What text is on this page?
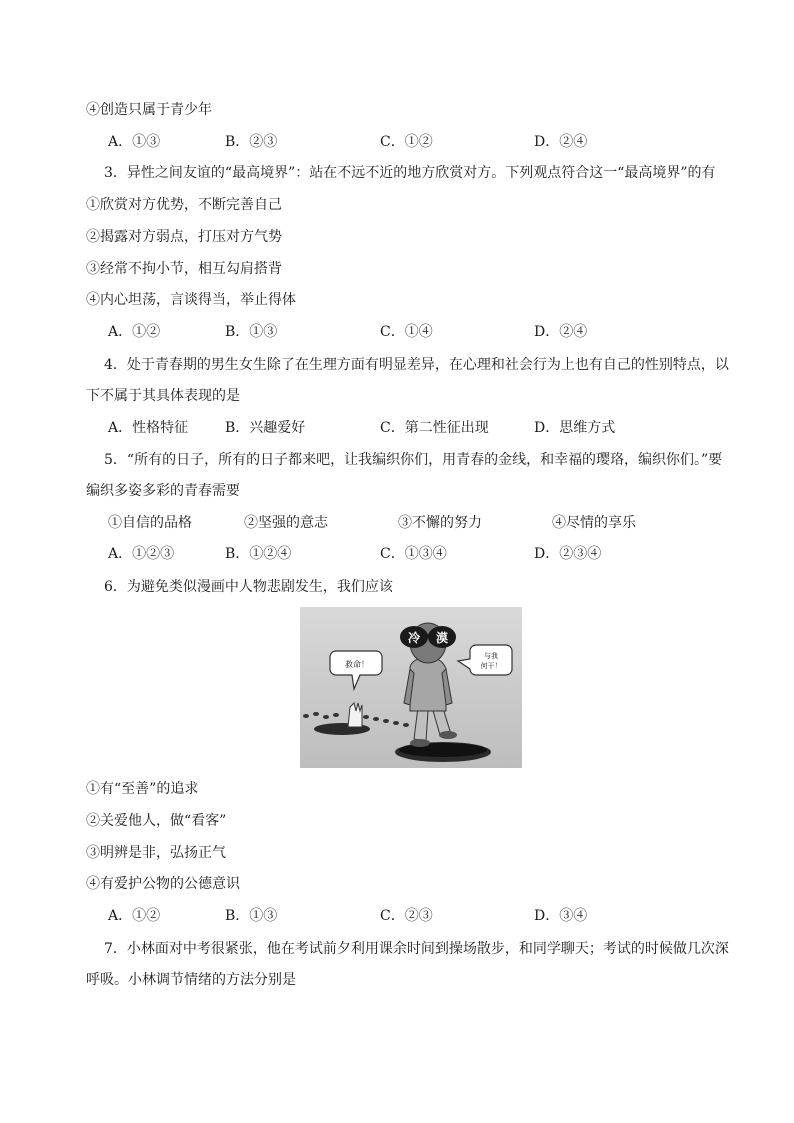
④创造只属于青少年
A．①③	B．②③	C．①②	D．②④
3．异性之间友谊的“最高境界”：站在不远不近的地方欣赏对方。下列观点符合这一“最高境界”的有
①欣赏对方优势，不断完善自己
②揭露对方弱点，打压对方气势
③经常不拘小节，相互勾肩搭背
④内心坦荡，言谈得当，举止得体
A．①②	B．①③	C．①④	D．②④
4．处于青春期的男生女生除了在生理方面有明显差异，在心理和社会行为上也有自己的性别特点，以
下不属于其具体表现的是
A．性格特征	B．兴趣爱好	C．第二性征出现	D．思维方式
5．“所有的日子，所有的日子都来吧，让我编织你们，用青春的金线，和幸福的璎珞，编织你们。”要
编织多姿多彩的青春需要
①自信的品格	②坚强的意志	③不懈的努力	④尽情的享乐
A．①②③	B．①②④	C．①③④	D．②③④
6．为避免类似漫画中人物悲剧发生，我们应该
救命！
与我
何干！
冷 漠
①有“至善”的追求
②关爱他人，做“看客”
③明辨是非，弘扬正气
④有爱护公物的公德意识
A．①②	B．①③	C．②③	D．③④
7．小林面对中考很紧张，他在考试前夕利用课余时间到操场散步，和同学聊天；考试的时候做几次深
呼吸。小林调节情绪的方法分别是
